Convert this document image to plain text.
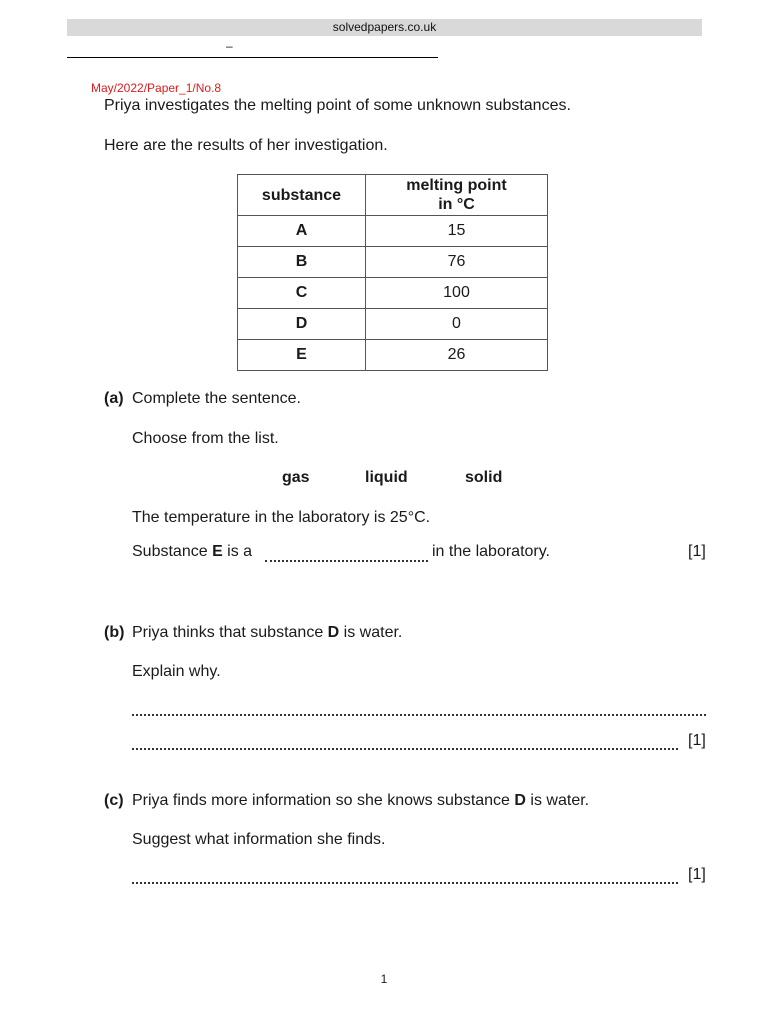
solvedpapers.co.uk
–
May/2022/Paper_1/No.8
Priya investigates the melting point of some unknown substances.
Here are the results of her investigation.
substance	melting point
in °C
A	15
B	76
C	100
D	0
E	26
(a) Complete the sentence.
Choose from the list.
gas	liquid	solid
The temperature in the laboratory is 25°C.
Substance E is a	in the laboratory.	[1]
(b) Priya thinks that substance D is water.
Explain why.
[1]
(c) Priya finds more information so she knows substance D is water.
Suggest what information she finds.
[1]
1
